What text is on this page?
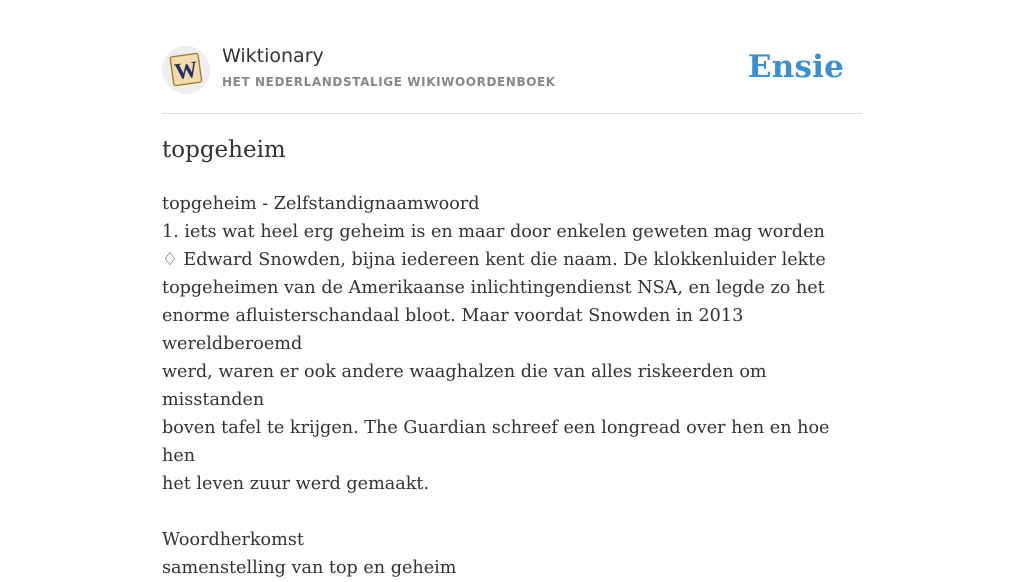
W
Wiktionary
HET NEDERLANDSTALIGE WIKIWOORDENBOEK	Ensie
topgeheim

topgeheim - Zelfstandignaamwoord

1. iets wat heel erg geheim is en maar door enkelen geweten mag worden

♢ Edward Snowden, bijna iedereen kent die naam. De klokkenluider lekte

topgeheimen van de Amerikaanse inlichtingendienst NSA, en legde zo het

enorme afluisterschandaal bloot. Maar voordat Snowden in 2013 wereldberoemd

werd, waren er ook andere waaghalzen die van alles riskeerden om misstanden

boven tafel te krijgen. The Guardian schreef een longread over hen en hoe hen

het leven zuur werd gemaakt.

Woordherkomst

samenstelling van top en geheim
